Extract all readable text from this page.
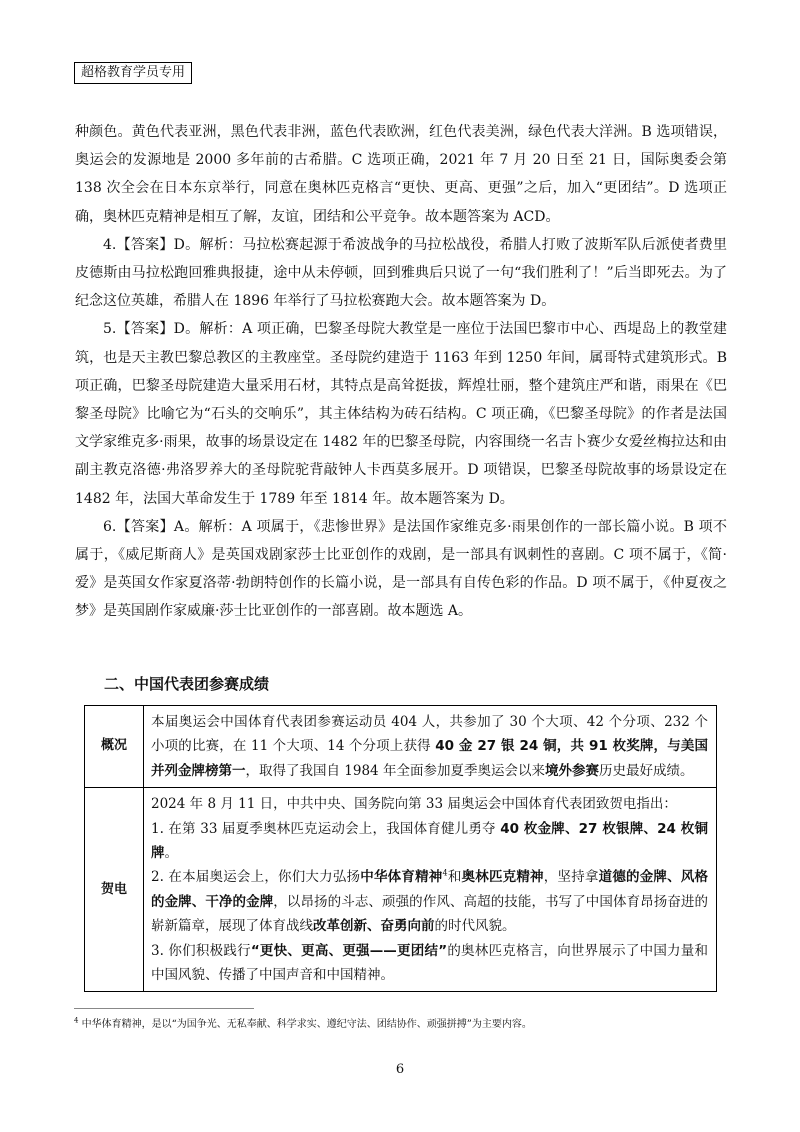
超格教育学员专用

种颜色。黄色代表亚洲，黑色代表非洲，蓝色代表欧洲，红色代表美洲，绿色代表大洋洲。B 选项错误，奥运会的发源地是 2000 多年前的古希腊。C 选项正确，2021 年 7 月 20 日至 21 日，国际奥委会第 138 次全会在日本东京举行，同意在奥林匹克格言“更快、更高、更强”之后，加入“更团结”。D 选项正确，奥林匹克精神是相互了解，友谊，团结和公平竞争。故本题答案为 ACD。

4.【答案】D。解析：马拉松赛起源于希波战争的马拉松战役，希腊人打败了波斯军队后派使者费里皮德斯由马拉松跑回雅典报捷，途中从未停顿，回到雅典后只说了一句“我们胜利了！”后当即死去。为了纪念这位英雄，希腊人在 1896 年举行了马拉松赛跑大会。故本题答案为 D。

5.【答案】D。解析：A 项正确，巴黎圣母院大教堂是一座位于法国巴黎市中心、西堤岛上的教堂建筑，也是天主教巴黎总教区的主教座堂。圣母院约建造于 1163 年到 1250 年间，属哥特式建筑形式。B 项正确，巴黎圣母院建造大量采用石材，其特点是高耸挺拔，辉煌壮丽，整个建筑庄严和谐，雨果在《巴黎圣母院》比喻它为“石头的交响乐”，其主体结构为砖石结构。C 项正确，《巴黎圣母院》的作者是法国文学家维克多·雨果，故事的场景设定在 1482 年的巴黎圣母院，内容围绕一名吉卜赛少女爱丝梅拉达和由副主教克洛德·弗洛罗养大的圣母院驼背敲钟人卡西莫多展开。D 项错误，巴黎圣母院故事的场景设定在 1482 年，法国大革命发生于 1789 年至 1814 年。故本题答案为 D。

6.【答案】A。解析：A 项属于，《悲惨世界》是法国作家维克多·雨果创作的一部长篇小说。B 项不属于，《威尼斯商人》是英国戏剧家莎士比亚创作的戏剧，是一部具有讽刺性的喜剧。C 项不属于，《简·爱》是英国女作家夏洛蒂·勃朗特创作的长篇小说，是一部具有自传色彩的作品。D 项不属于，《仲夏夜之梦》是英国剧作家威廉·莎士比亚创作的一部喜剧。故本题选 A。

二、中国代表团参赛成绩
概况	本届奥运会中国体育代表团参赛运动员 404 人，共参加了 30 个大项、42 个分项、232 个小项的比赛，在 11 个大项、14 个分项上获得 40 金 27 银 24 铜，共 91 枚奖牌，与美国并列金牌榜第一，取得了我国自 1984 年全面参加夏季奥运会以来境外参赛历史最好成绩。
贺电	2024 年 8 月 11 日，中共中央、国务院向第 33 届奥运会中国体育代表团致贺电指出：

1. 在第 33 届夏季奥林匹克运动会上，我国体育健儿勇夺 40 枚金牌、27 枚银牌、24 枚铜牌。

2. 在本届奥运会上，你们大力弘扬中华体育精神$^4$和奥林匹克精神，坚持拿道德的金牌、风格的金牌、干净的金牌，以昂扬的斗志、顽强的作风、高超的技能，书写了中国体育昂扬奋进的崭新篇章，展现了体育战线改革创新、奋勇向前的时代风貌。

3. 你们积极践行“更快、更高、更强——更团结”的奥林匹克格言，向世界展示了中国力量和中国风貌、传播了中国声音和中国精神。

$^4$ 中华体育精神，是以“为国争光、无私奉献、科学求实、遵纪守法、团结协作、顽强拼搏”为主要内容。
6
